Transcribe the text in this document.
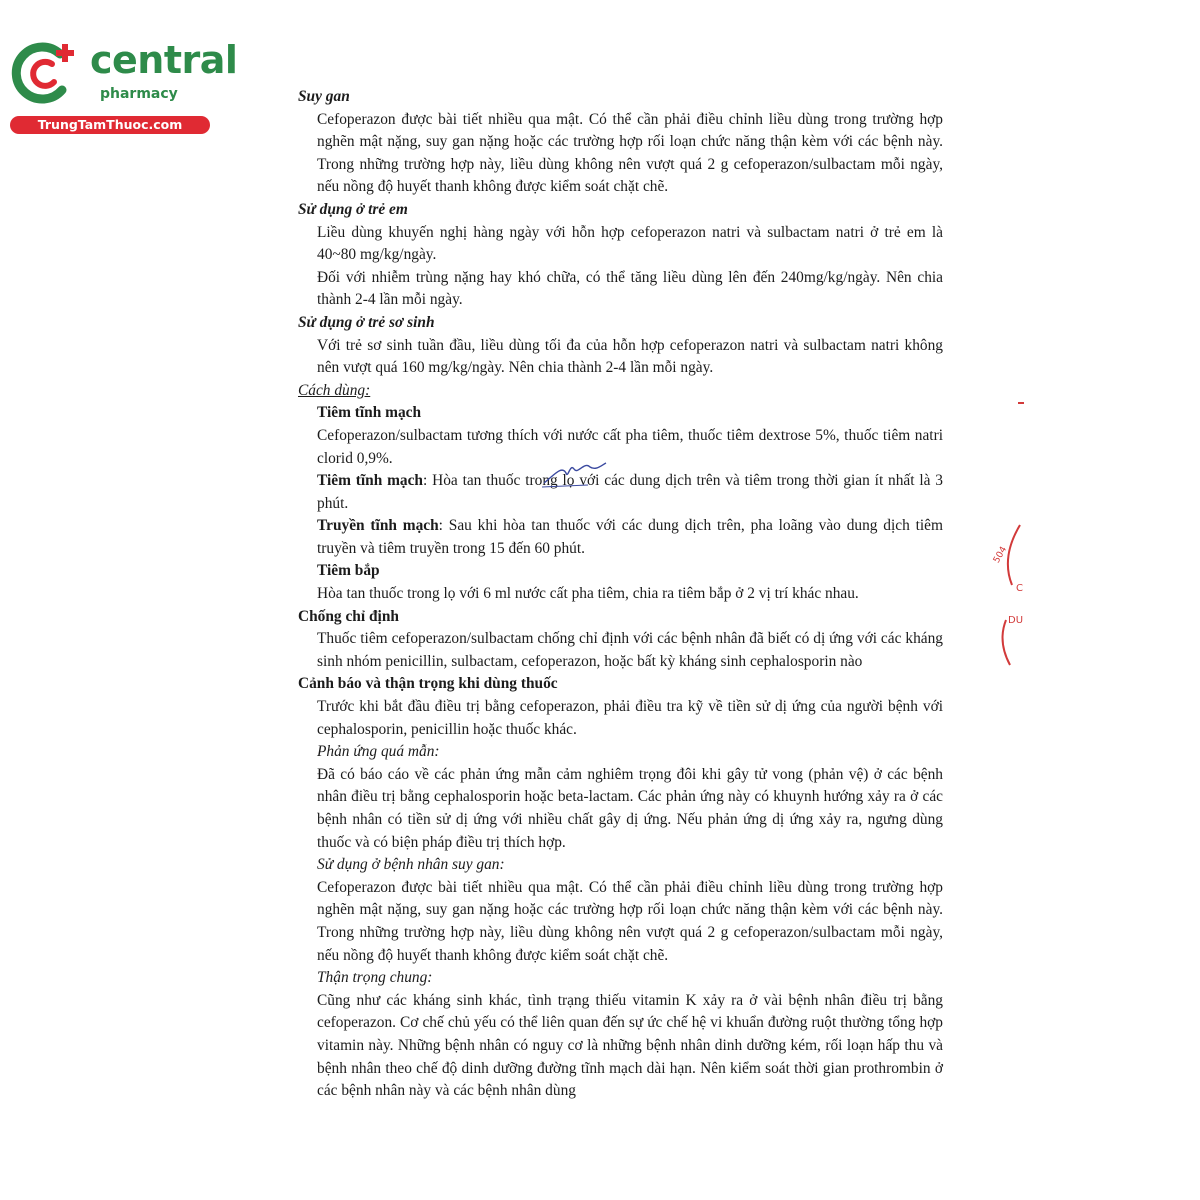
central
pharmacy
TrungTamThuoc.com

Suy gan

Cefoperazon được bài tiết nhiều qua mật. Có thể cần phải điều chỉnh liều dùng trong trường hợp nghẽn mật nặng, suy gan nặng hoặc các trường hợp rối loạn chức năng thận kèm với các bệnh này. Trong những trường hợp này, liều dùng không nên vượt quá 2 g cefoperazon/sulbactam mỗi ngày, nếu nồng độ huyết thanh không được kiểm soát chặt chẽ.

Sử dụng ở trẻ em

Liều dùng khuyến nghị hàng ngày với hỗn hợp cefoperazon natri và sulbactam natri ở trẻ em là 40~80 mg/kg/ngày.

Đối với nhiễm trùng nặng hay khó chữa, có thể tăng liều dùng lên đến 240mg/kg/ngày. Nên chia thành 2-4 lần mỗi ngày.

Sử dụng ở trẻ sơ sinh

Với trẻ sơ sinh tuần đầu, liều dùng tối đa của hỗn hợp cefoperazon natri và sulbactam natri không nên vượt quá 160 mg/kg/ngày. Nên chia thành 2-4 lần mỗi ngày.

Cách dùng:

Tiêm tĩnh mạch

Cefoperazon/sulbactam tương thích với nước cất pha tiêm, thuốc tiêm dextrose 5%, thuốc tiêm natri clorid 0,9%.

Tiêm tĩnh mạch: Hòa tan thuốc trong lọ với các dung dịch trên và tiêm trong thời gian ít nhất là 3 phút.

Truyền tĩnh mạch: Sau khi hòa tan thuốc với các dung dịch trên, pha loãng vào dung dịch tiêm truyền và tiêm truyền trong 15 đến 60 phút.

Tiêm bắp

Hòa tan thuốc trong lọ với 6 ml nước cất pha tiêm, chia ra tiêm bắp ở 2 vị trí khác nhau.

Chống chỉ định

Thuốc tiêm cefoperazon/sulbactam chống chỉ định với các bệnh nhân đã biết có dị ứng với các kháng sinh nhóm penicillin, sulbactam, cefoperazon, hoặc bất kỳ kháng sinh cephalosporin nào

Cảnh báo và thận trọng khi dùng thuốc

Trước khi bắt đầu điều trị bằng cefoperazon, phải điều tra kỹ về tiền sử dị ứng của người bệnh với cephalosporin, penicillin hoặc thuốc khác.

Phản ứng quá mẫn:

Đã có báo cáo về các phản ứng mẫn cảm nghiêm trọng đôi khi gây tử vong (phản vệ) ở các bệnh nhân điều trị bằng cephalosporin hoặc beta-lactam. Các phản ứng này có khuynh hướng xảy ra ở các bệnh nhân có tiền sử dị ứng với nhiều chất gây dị ứng. Nếu phản ứng dị ứng xảy ra, ngưng dùng thuốc và có biện pháp điều trị thích hợp.

Sử dụng ở bệnh nhân suy gan:

Cefoperazon được bài tiết nhiều qua mật. Có thể cần phải điều chỉnh liều dùng trong trường hợp nghẽn mật nặng, suy gan nặng hoặc các trường hợp rối loạn chức năng thận kèm với các bệnh này. Trong những trường hợp này, liều dùng không nên vượt quá 2 g cefoperazon/sulbactam mỗi ngày, nếu nồng độ huyết thanh không được kiểm soát chặt chẽ.

Thận trọng chung:

Cũng như các kháng sinh khác, tình trạng thiếu vitamin K xảy ra ở vài bệnh nhân điều trị bằng cefoperazon. Cơ chế chủ yếu có thể liên quan đến sự ức chế hệ vi khuẩn đường ruột thường tổng hợp vitamin này. Những bệnh nhân có nguy cơ là những bệnh nhân dinh dưỡng kém, rối loạn hấp thu và bệnh nhân theo chế độ dinh dưỡng đường tĩnh mạch dài hạn. Nên kiểm soát thời gian prothrombin ở các bệnh nhân này và các bệnh nhân dùng

504
C
DU
